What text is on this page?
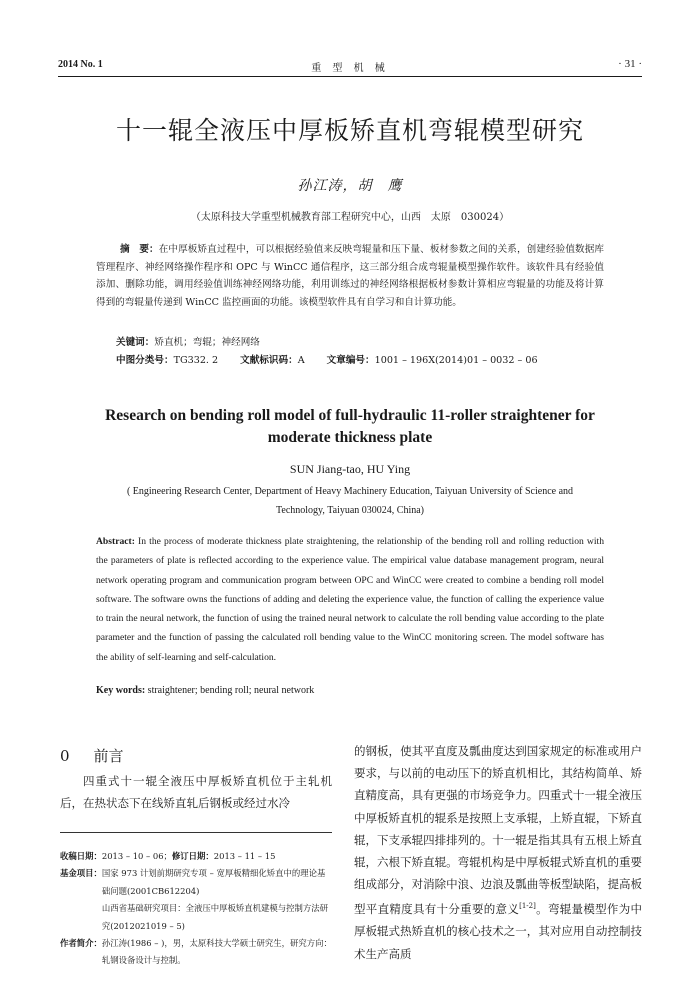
2014 No. 1	重 型 机 械	· 31 ·
十一辊全液压中厚板矫直机弯辊模型研究
孙江涛，胡　鹰
（太原科技大学重型机械教育部工程研究中心，山西　太原　030024）
摘　要：在中厚板矫直过程中，可以根据经验值来反映弯辊量和压下量、板材参数之间的关系，创建经验值数据库管理程序、神经网络操作程序和 OPC 与 WinCC 通信程序，这三部分组合成弯辊量模型操作软件。该软件具有经验值添加、删除功能，调用经验值训练神经网络功能，利用训练过的神经网络根据板材参数计算相应弯辊量的功能及将计算得到的弯辊量传递到 WinCC 监控画面的功能。该模型软件具有自学习和自计算功能。
关键词：矫直机；弯辊；神经网络
中图分类号：TG332. 2 文献标识码：A 文章编号：1001 – 196X(2014)01 – 0032 – 06
Research on bending roll model of full-hydraulic 11-roller straightener for moderate thickness plate
SUN Jiang-tao, HU Ying
( Engineering Research Center, Department of Heavy Machinery Education, Taiyuan University of Science and Technology, Taiyuan 030024, China)
Abstract: In the process of moderate thickness plate straightening, the relationship of the bending roll and rolling reduction with the parameters of plate is reflected according to the experience value. The empirical value database management program, neural network operating program and communication program between OPC and WinCC were created to combine a bending roll model software. The software owns the functions of adding and deleting the experience value, the function of calling the experience value to train the neural network, the function of using the trained neural network to calculate the roll bending value according to the plate parameter and the function of passing the calculated roll bending value to the WinCC monitoring screen. The model software has the ability of self-learning and self-calculation.
Key words: straightener; bending roll; neural network
0 前言
四重式十一辊全液压中厚板矫直机位于主轧机后，在热状态下在线矫直轧后钢板或经过水冷
收稿日期：2013 – 10 – 06；修订日期：2013 – 11 – 15
基金项目： 国家 973 计划前期研究专项 – 宽厚板精细化矫直中的理论基础问题(2001CB612204)
山西省基础研究项目：全液压中厚板矫直机建模与控制方法研究(2012021019 – 5)
作者简介： 孙江涛(1986 – )，男，太原科技大学硕士研究生，研究方向：轧钢设备设计与控制。
的钢板，使其平直度及瓢曲度达到国家规定的标准或用户要求，与以前的电动压下的矫直机相比，其结构简单、矫直精度高，具有更强的市场竞争力。四重式十一辊全液压中厚板矫直机的辊系是按照上支承辊，上矫直辊，下矫直辊，下支承辊四排排列的。十一辊是指其具有五根上矫直辊，六根下矫直辊。弯辊机构是中厚板辊式矫直机的重要组成部分，对消除中浪、边浪及瓢曲等板型缺陷，提高板型平直精度具有十分重要的意义[1-2]。弯辊量模型作为中厚板辊式热矫直机的核心技术之一，其对应用自动控制技术生产高质
